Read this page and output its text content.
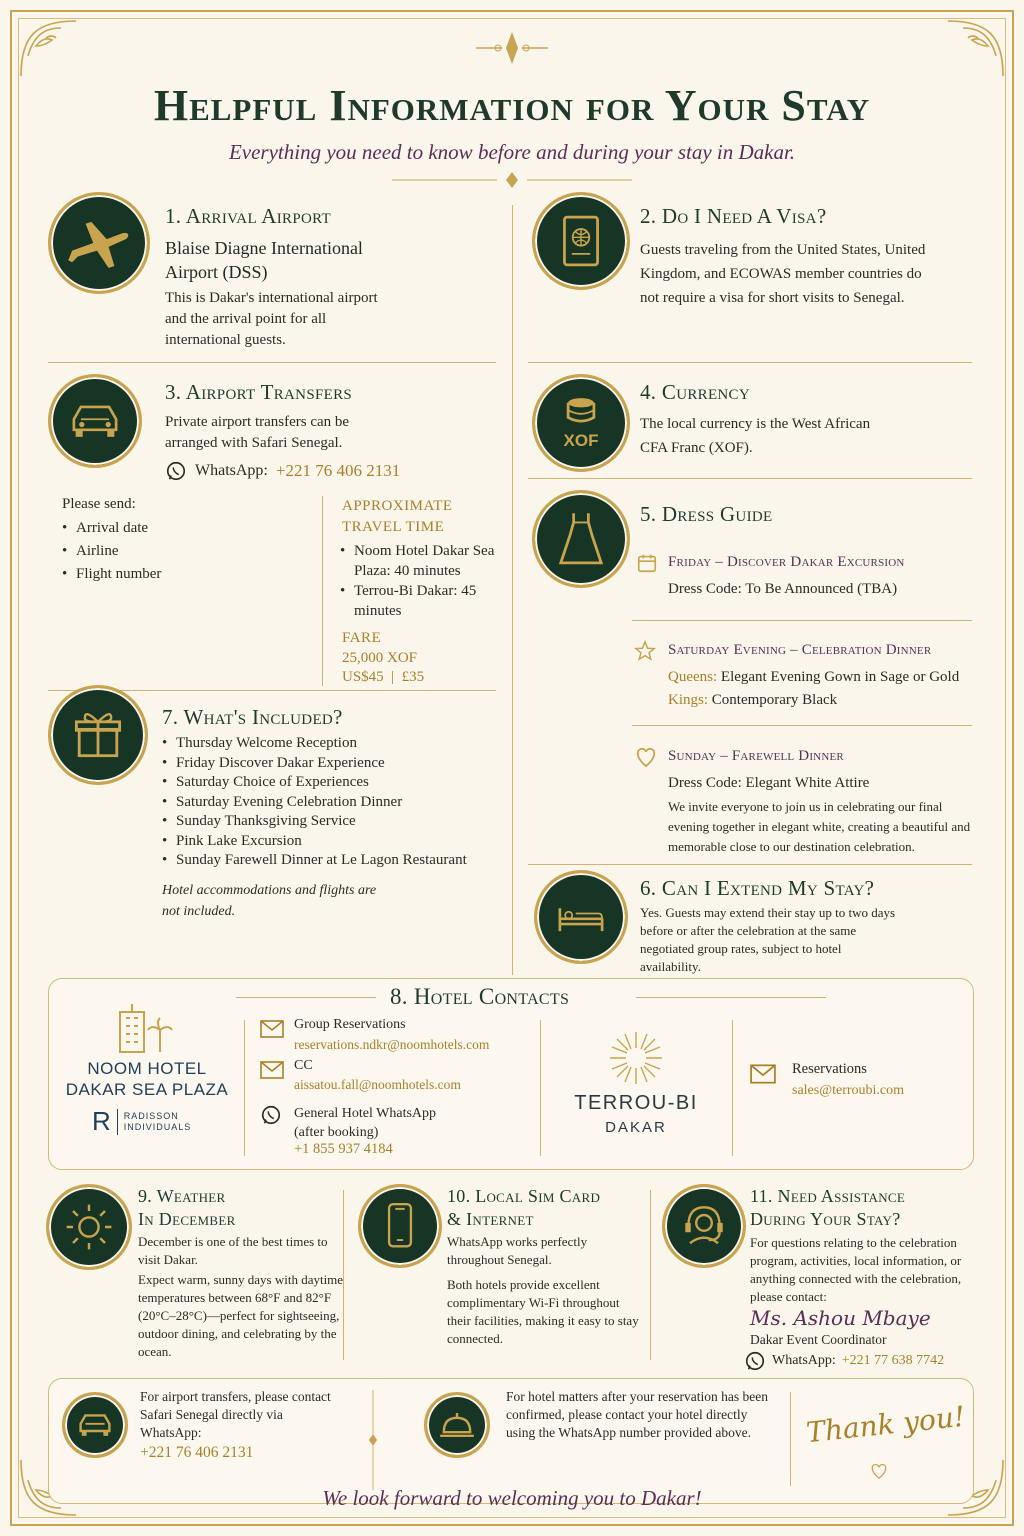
Helpful Information for Your Stay
Everything you need to know before and during your stay in Dakar.
1. Arrival Airport
Blaise Diagne International Airport (DSS)
This is Dakar's international airport and the arrival point for all international guests.
2. Do I Need A Visa?
Guests traveling from the United States, United Kingdom, and ECOWAS member countries do not require a visa for short visits to Senegal.
3. Airport Transfers
Private airport transfers can be arranged with Safari Senegal.
WhatsApp: +221 76 406 2131
Please send:
• Arrival date
• Airline
• Flight number
APPROXIMATE TRAVEL TIME
• Noom Hotel Dakar Sea Plaza: 40 minutes
• Terrou-Bi Dakar: 45 minutes
FARE
25,000 XOF
US$45  |  £35
XOF
4. Currency
The local currency is the West African CFA Franc (XOF).
5. Dress Guide
Friday – Discover Dakar Excursion
Dress Code: To Be Announced (TBA)
Saturday Evening – Celebration Dinner
Queens: Elegant Evening Gown in Sage or Gold
Kings: Contemporary Black
Sunday – Farewell Dinner
Dress Code: Elegant White Attire
We invite everyone to join us in celebrating our final evening together in elegant white, creating a beautiful and memorable close to our destination celebration.
6. Can I Extend My Stay?
Yes. Guests may extend their stay up to two days before or after the celebration at the same negotiated group rates, subject to hotel availability.
7. What's Included?
• Thursday Welcome Reception
• Friday Discover Dakar Experience
• Saturday Choice of Experiences
• Saturday Evening Celebration Dinner
• Sunday Thanksgiving Service
• Pink Lake Excursion
• Sunday Farewell Dinner at Le Lagon Restaurant
Hotel accommodations and flights are not included.
8. Hotel Contacts
NOOM HOTEL
DAKAR SEA PLAZA
R RADISSON
INDIVIDUALS
Group Reservations
reservations.ndkr@noomhotels.com
CC
aissatou.fall@noomhotels.com
General Hotel WhatsApp
(after booking)
+1 855 937 4184
TERROU-BI
DAKAR
Reservations
sales@terroubi.com
9. Weather
In December
December is one of the best times to visit Dakar.
Expect warm, sunny days with daytime temperatures between 68°F and 82°F (20°C–28°C)—perfect for sightseeing, outdoor dining, and celebrating by the ocean.
10. Local Sim Card
& Internet
WhatsApp works perfectly throughout Senegal.
Both hotels provide excellent complimentary Wi-Fi throughout their facilities, making it easy to stay connected.
11. Need Assistance
During Your Stay?
For questions relating to the celebration program, activities, local information, or anything connected with the celebration, please contact:
Ms. Ashou Mbaye
Dakar Event Coordinator
WhatsApp: +221 77 638 7742
For airport transfers, please contact Safari Senegal directly via WhatsApp:
+221 76 406 2131
For hotel matters after your reservation has been confirmed, please contact your hotel directly using the WhatsApp number provided above.	Thank you!
We look forward to welcoming you to Dakar!
